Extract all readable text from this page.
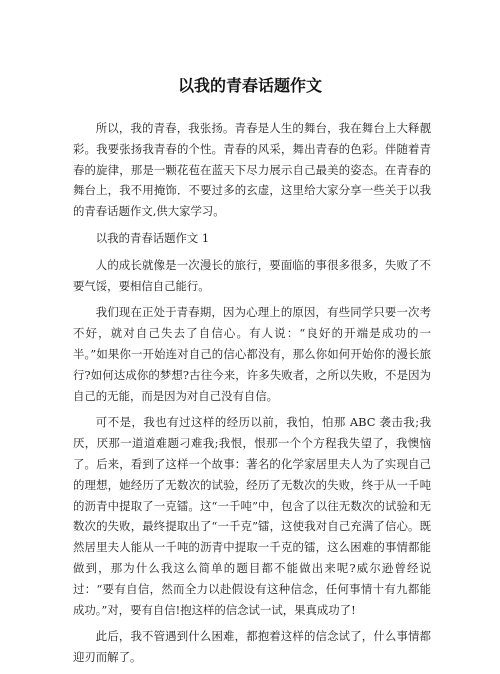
以我的青春话题作文

所以，我的青春，我张扬。青春是人生的舞台，我在舞台上大释靓彩。我要张扬我青春的个性。青春的风采，舞出青春的色彩。伴随着青春的旋律，那是一颗花苞在蓝天下尽力展示自己最美的姿态。在青春的舞台上，我不用掩饰．不要过多的玄虚，这里给大家分享一些关于以我的青春话题作文,供大家学习。

以我的青春话题作文 1

人的成长就像是一次漫长的旅行，要面临的事很多很多，失败了不要气馁，要相信自己能行。

我们现在正处于青春期，因为心理上的原因，有些同学只要一次考不好，就对自己失去了自信心。有人说：“良好的开端是成功的一半。”如果你一开始连对自己的信心都没有，那么你如何开始你的漫长旅行?如何达成你的梦想?古往今来，许多失败者，之所以失败，不是因为自己的无能，而是因为对自己没有自信。

可不是，我也有过这样的经历以前，我怕，怕那 ABC 袭击我;我厌，厌那一道道难题刁难我;我恨，恨那一个个方程我失望了，我懊恼了。后来，看到了这样一个故事：著名的化学家居里夫人为了实现自己的理想，她经历了无数次的试验，经历了无数次的失败，终于从一千吨的沥青中提取了一克镭。这“一千吨”中，包含了以往无数次的试验和无数次的失败，最终提取出了“一千克”镭，这使我对自己充满了信心。既然居里夫人能从一千吨的沥青中提取一千克的镭，这么困难的事情都能做到，那为什么我这么简单的题目都不能做出来呢?威尔逊曾经说过：“要有自信，然而全力以赴假设有这种信念，任何事情十有九都能成功。”对，要有自信!抱这样的信念试一试，果真成功了!

此后，我不管遇到什么困难，都抱着这样的信念试了，什么事情都迎刃而解了。
